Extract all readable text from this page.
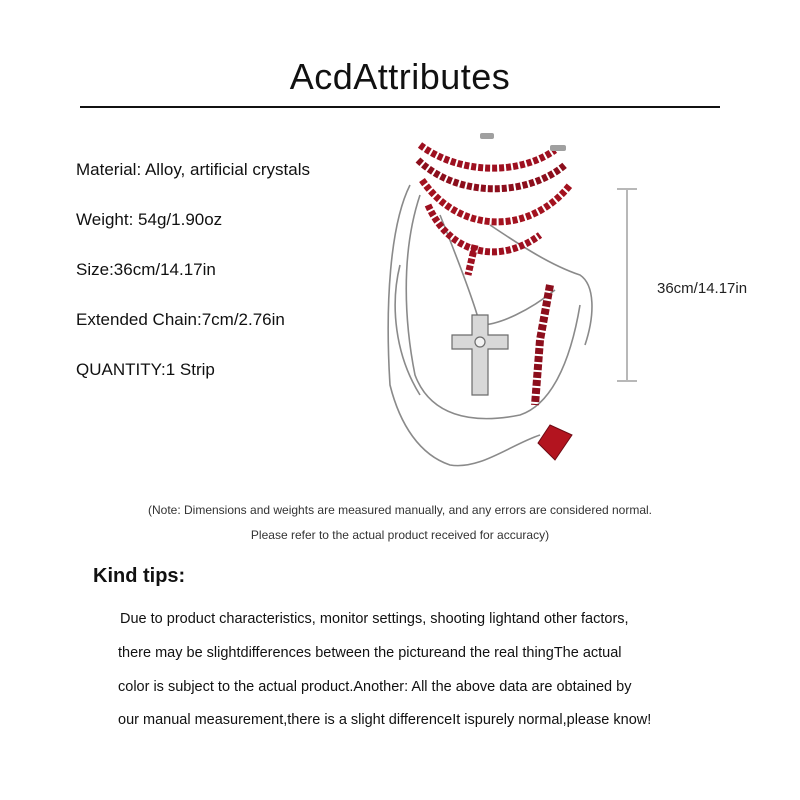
AcdAttributes
Material: Alloy, artificial crystals
Weight: 54g/1.90oz
Size:36cm/14.17in
Extended Chain:7cm/2.76in
QUANTITY:1 Strip
36cm/14.17in
(Note: Dimensions and weights are measured manually, and any errors are considered normal.
Please refer to the actual product received for accuracy)
Kind tips:
Due to product characteristics, monitor settings, shooting lightand other factors,
there may be slightdifferences between the pictureand the real thingThe actual
color is subject to the actual product.Another: All the above data are obtained by
our manual measurement,there is a slight differenceIt ispurely normal,please know!
